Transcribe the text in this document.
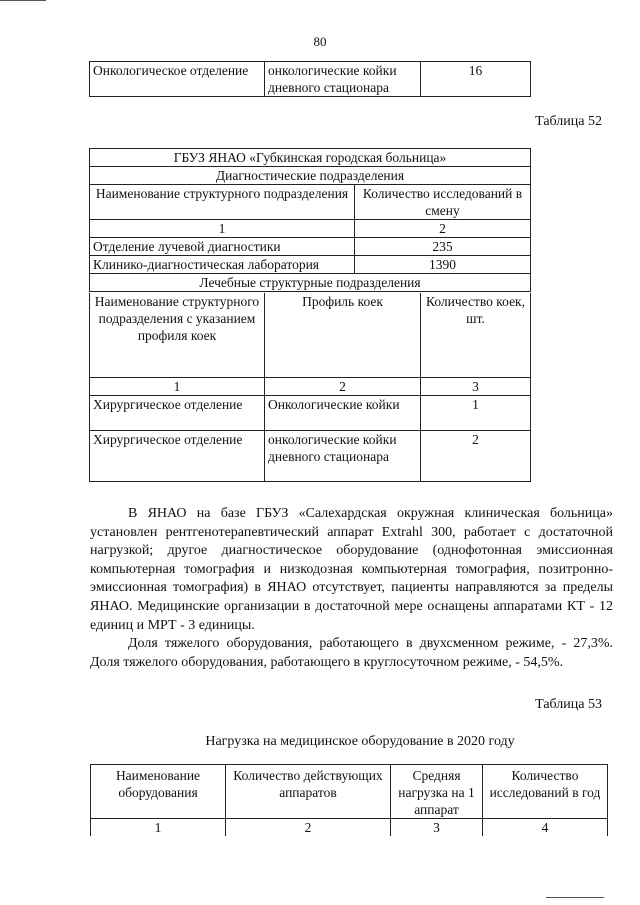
80
Онкологическое отделение	онкологические койки дневного стационара	16
Таблица 52
ГБУЗ ЯНАО «Губкинская городская больница»	
Диагностические подразделения	
Наименование структурного подразделения	Количество исследований в смену
1	2
Отделение лучевой диагностики	235
Клинико-диагностическая лаборатория	1390
Лечебные структурные подразделения	
Наименование структурного подразделения с указанием профиля коек	Профиль коек	Количество коек, шт.
1	2	3
Хирургическое отделение	Онкологические койки	1
Хирургическое отделение	онкологические койки дневного стационара	2

В ЯНАО на базе ГБУЗ «Салехардская окружная клиническая больница» установлен рентгенотерапевтический аппарат Extrahl 300, работает с достаточной нагрузкой; другое диагностическое оборудование (однофотонная эмиссионная компьютерная томография и низкодозная компьютерная томография, позитронно-эмиссионная томография) в ЯНАО отсутствует, пациенты направляются за пределы ЯНАО. Медицинские организации в достаточной мере оснащены аппаратами КТ - 12 единиц и МРТ - 3 единицы.

Доля тяжелого оборудования, работающего в двухсменном режиме, - 27,3%. Доля тяжелого оборудования, работающего в круглосуточном режиме, - 54,5%.

Таблица 53
Нагрузка на медицинское оборудование в 2020 году
Наименование оборудования	Количество действующих аппаратов	Средняя нагрузка на 1 аппарат	Количество исследований в год
1	2	3	4
